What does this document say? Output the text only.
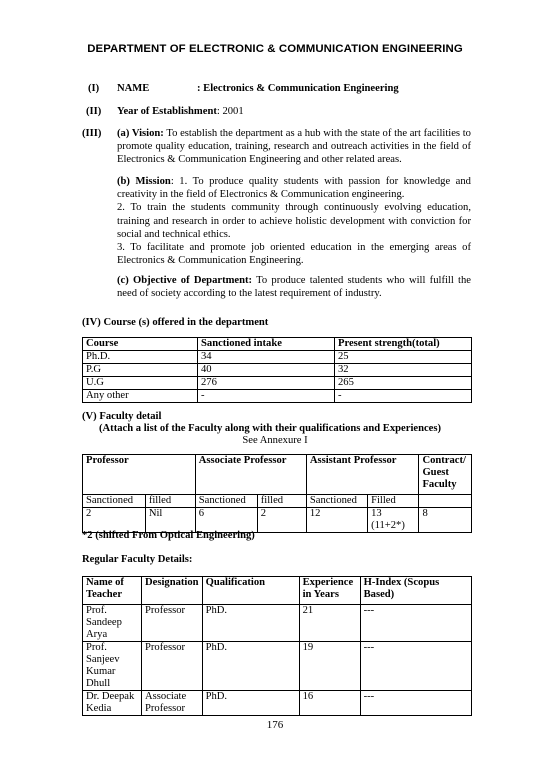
DEPARTMENT OF ELECTRONIC & COMMUNICATION ENGINEERING
(I) NAME	: Electronics & Communication Engineering
(II) Year of Establishment: 2001
(III) (a) Vision: To establish the department as a hub with the state of the art facilities to promote quality education, training, research and outreach activities in the field of Electronics & Communication Engineering and other related areas.
(b) Mission: 1. To produce quality students with passion for knowledge and creativity in the field of Electronics & Communication engineering.
2. To train the students community through continuously evolving education, training and research in order to achieve holistic development with conviction for social and technical ethics.
3. To facilitate and promote job oriented education in the emerging areas of Electronics & Communication Engineering.
(c) Objective of Department: To produce talented students who will fulfill the need of society according to the latest requirement of industry.
(IV) Course (s) offered in the department
Course	Sanctioned intake	Present strength(total)
Ph.D.	34	25
P.G	40	32
U.G	276	265
Any other	-	-
(V) Faculty detail
(Attach a list of the Faculty along with their qualifications and Experiences)
See Annexure I
Professor		Associate Professor		Assistant Professor		Contract/ Guest Faculty
Sanctioned	filled	Sanctioned	filled	Sanctioned	Filled	
2	Nil	6	2	12	13 (11+2*)	8
*2 (shifted From Optical Engineering)
Regular Faculty Details:
Name of Teacher	Designation	Qualification	Experience in Years	H-Index (Scopus Based)
Prof. Sandeep Arya	Professor	PhD.	21	---
Prof. Sanjeev Kumar Dhull	Professor	PhD.	19	---
Dr. Deepak Kedia	Associate Professor	PhD.	16	---
176
